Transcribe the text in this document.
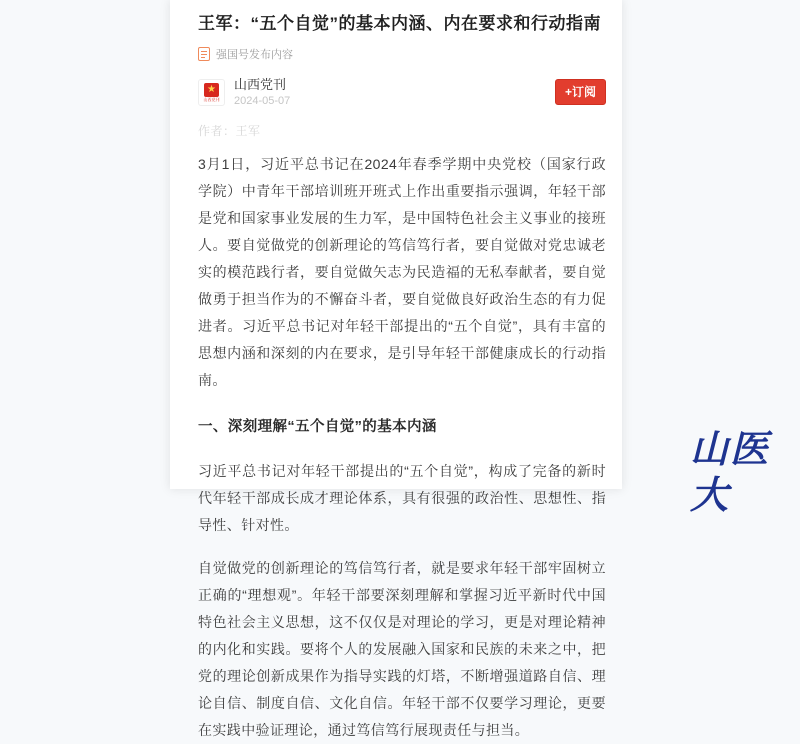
王军：“五个自觉”的基本内涵、内在要求和行动指南
强国号发布内容
★
山西党刊
山西党刊
2024-05-07
+订阅
作者：王军
3月1日，习近平总书记在2024年春季学期中央党校（国家行政学院）中青年干部培训班开班式上作出重要指示强调，年轻干部是党和国家事业发展的生力军，是中国特色社会主义事业的接班人。要自觉做党的创新理论的笃信笃行者，要自觉做对党忠诚老实的模范践行者，要自觉做矢志为民造福的无私奉献者，要自觉做勇于担当作为的不懈奋斗者，要自觉做良好政治生态的有力促进者。习近平总书记对年轻干部提出的“五个自觉”，具有丰富的思想内涵和深刻的内在要求，是引导年轻干部健康成长的行动指南。
一、深刻理解“五个自觉”的基本内涵
习近平总书记对年轻干部提出的“五个自觉”，构成了完备的新时代年轻干部成长成才理论体系，具有很强的政治性、思想性、指导性、针对性。
自觉做党的创新理论的笃信笃行者，就是要求年轻干部牢固树立正确的“理想观”。年轻干部要深刻理解和掌握习近平新时代中国特色社会主义思想，这不仅仅是对理论的学习，更是对理论精神的内化和实践。要将个人的发展融入国家和民族的未来之中，把党的理论创新成果作为指导实践的灯塔，不断增强道路自信、理论自信、制度自信、文化自信。年轻干部不仅要学习理论，更要在实践中验证理论，通过笃信笃行展现责任与担当。
山医大
